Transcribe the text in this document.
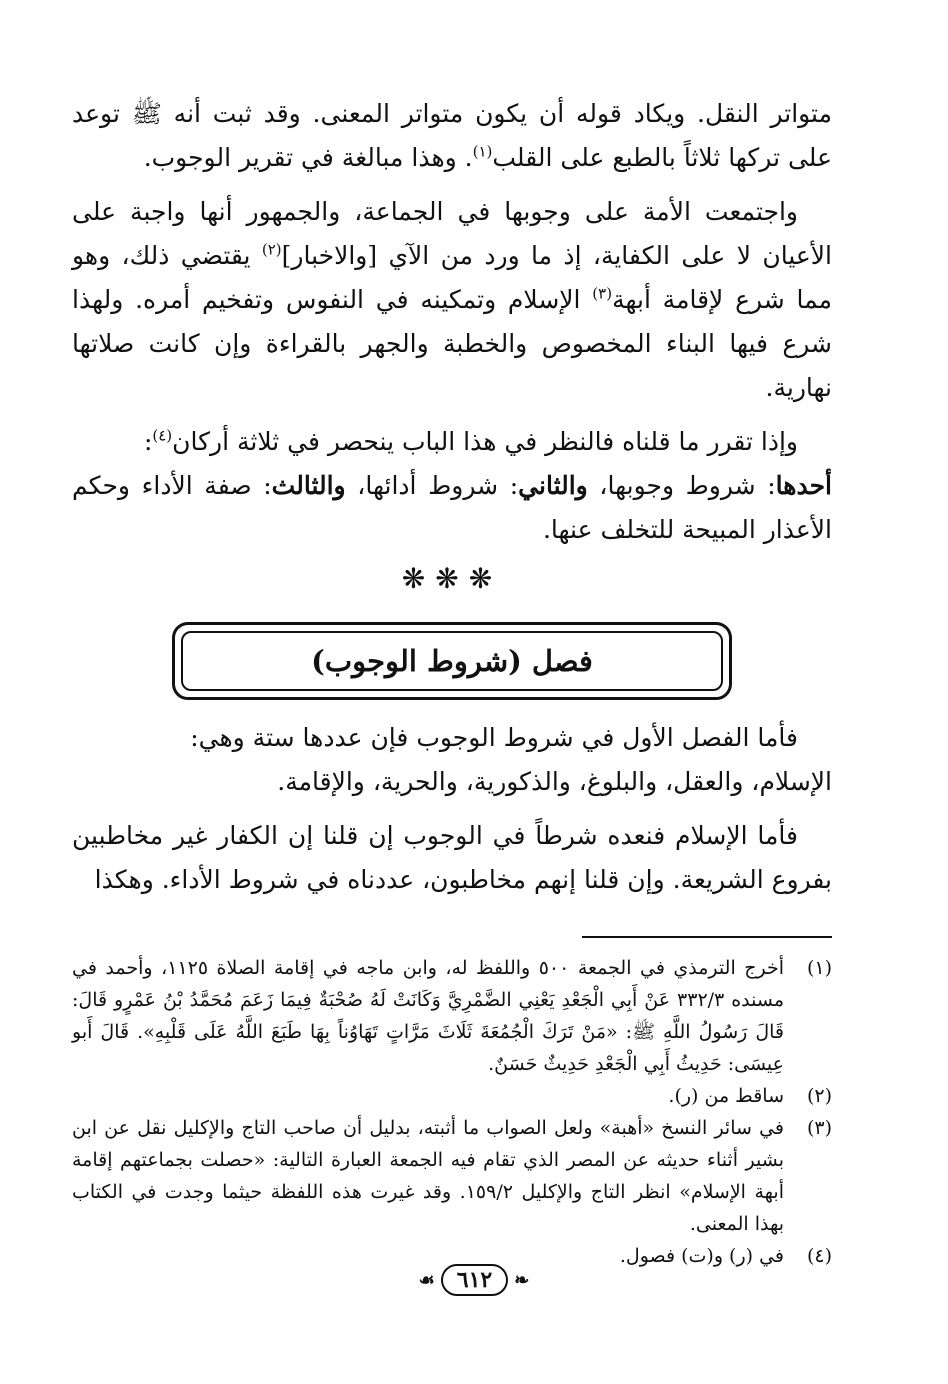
متواتر النقل. ويكاد قوله أن يكون متواتر المعنى. وقد ثبت أنه ﷺ توعد على تركها ثلاثاً بالطبع على القلب$^{(١)}$. وهذا مبالغة في تقرير الوجوب.

واجتمعت الأمة على وجوبها في الجماعة، والجمهور أنها واجبة على الأعيان لا على الكفاية، إذ ما ورد من الآي [والاخبار]$^{(٢)}$ يقتضي ذلك، وهو مما شرع لإقامة أبهة$^{(٣)}$ الإسلام وتمكينه في النفوس وتفخيم أمره. ولهذا شرع فيها البناء المخصوص والخطبة والجهر بالقراءة وإن كانت صلاتها نهارية.

وإذا تقرر ما قلناه فالنظر في هذا الباب ينحصر في ثلاثة أركان$^{(٤)}$:

أحدها: شروط وجوبها، والثاني: شروط أدائها، والثالث: صفة الأداء وحكم الأعذار المبيحة للتخلف عنها.

❋❋❋
فصل (شروط الوجوب)

فأما الفصل الأول في شروط الوجوب فإن عددها ستة وهي:

الإسلام، والعقل، والبلوغ، والذكورية، والحرية، والإقامة.

فأما الإسلام فنعده شرطاً في الوجوب إن قلنا إن الكفار غير مخاطبين بفروع الشريعة. وإن قلنا إنهم مخاطبون، عددناه في شروط الأداء. وهكذا

(١)
أخرج الترمذي في الجمعة ٥٠٠ واللفظ له، وابن ماجه في إقامة الصلاة ١١٢٥، وأحمد في مسنده ٣٣٢/٣ عَنْ أَبِي الْجَعْدِ يَعْنِي الضَّمْرِيَّ وَكَانَتْ لَهُ صُحْبَةٌ فِيمَا زَعَمَ مُحَمَّدُ بْنُ عَمْرٍو قَالَ: قَالَ رَسُولُ اللَّهِ ﷺ: «مَنْ تَرَكَ الْجُمُعَةَ ثَلَاثَ مَرَّاتٍ تَهَاوُناً بِهَا طَبَعَ اللَّهُ عَلَى قَلْبِهِ». قَالَ أَبو عِيسَى: حَدِيثُ أَبِي الْجَعْدِ حَدِيثٌ حَسَنٌ.
(٢)
ساقط من (ر).
(٣)
في سائر النسخ «أهبة» ولعل الصواب ما أثبته، بدليل أن صاحب التاج والإكليل نقل عن ابن بشير أثناء حديثه عن المصر الذي تقام فيه الجمعة العبارة التالية: «حصلت بجماعتهم إقامة أبهة الإسلام» انظر التاج والإكليل ١٥٩/٢. وقد غيرت هذه اللفظة حيثما وجدت في الكتاب بهذا المعنى.
(٤)
في (ر) و(ت) فصول.
❧
٦١٢
☙
